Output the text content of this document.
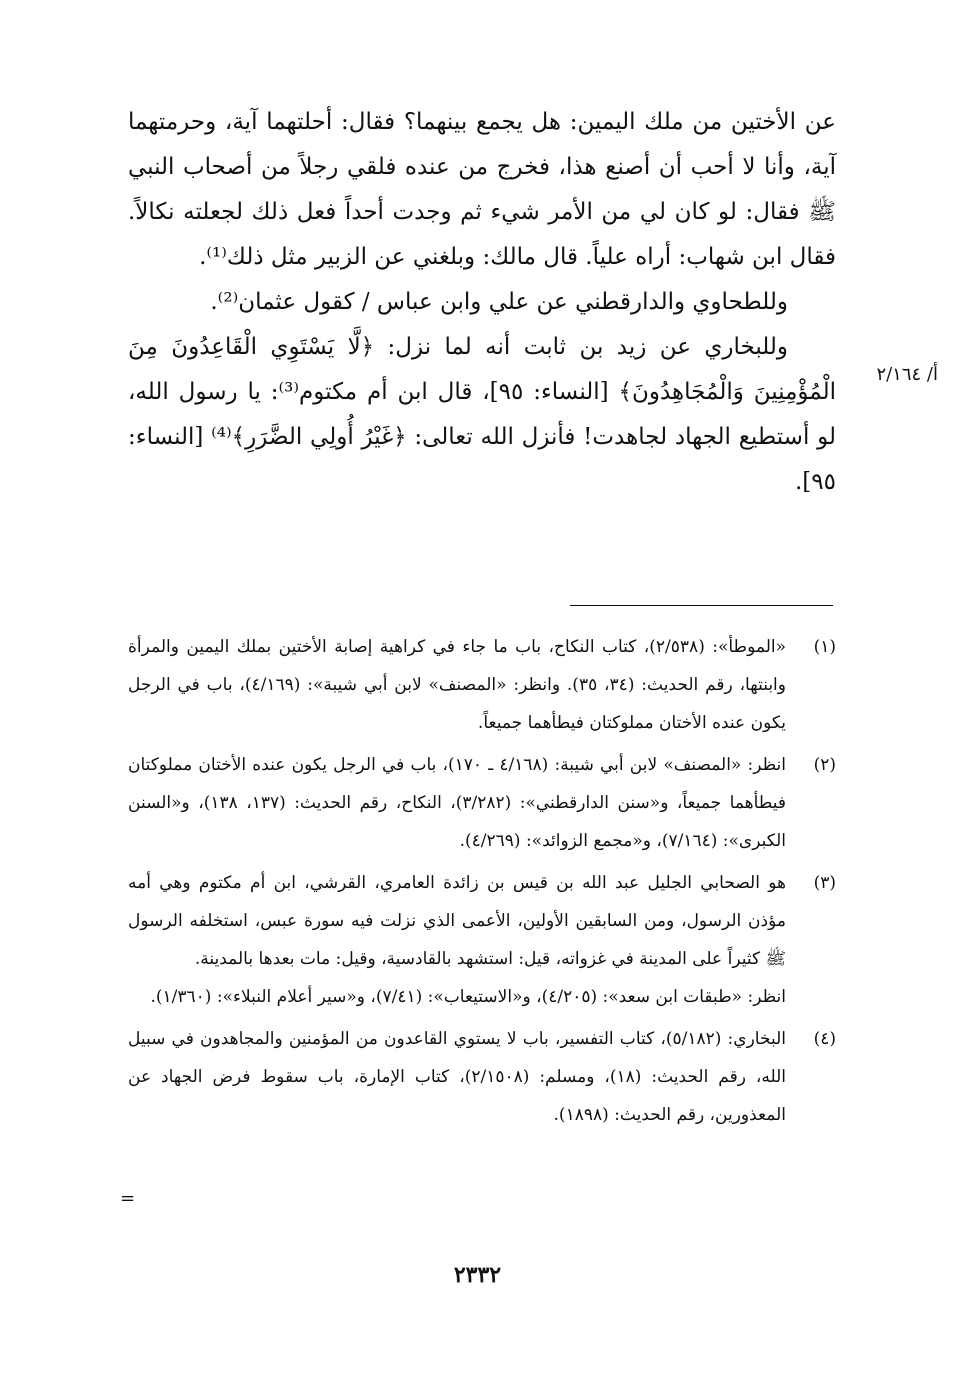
عن الأختين من ملك اليمين: هل يجمع بينهما؟ فقال: أحلتهما آية، وحرمتهما آية، وأنا لا أحب أن أصنع هذا، فخرج من عنده فلقي رجلاً من أصحاب النبي ﷺ فقال: لو كان لي من الأمر شيء ثم وجدت أحداً فعل ذلك لجعلته نكالاً. فقال ابن شهاب: أراه علياً. قال مالك: وبلغني عن الزبير مثل ذلك⁽¹⁾.

وللطحاوي والدارقطني عن علي وابن عباس / كقول عثمان⁽²⁾.

وللبخاري عن زيد بن ثابت أنه لما نزل: ﴿لَّا يَسْتَوِي الْقَاعِدُونَ مِنَ الْمُؤْمِنِينَ وَالْمُجَاهِدُونَ﴾ [النساء: ٩٥]، قال ابن أم مكتوم⁽³⁾: يا رسول الله، لو أستطيع الجهاد لجاهدت! فأنزل الله تعالى: ﴿غَيْرُ أُولِي الضَّرَرِ﴾⁽⁴⁾ [النساء: ٩٥].

أ/ ٢/١٦٤
(١)

«الموطأ»: (٢/٥٣٨)، كتاب النكاح، باب ما جاء في كراهية إصابة الأختين بملك اليمين والمرأة وابنتها، رقم الحديث: (٣٤، ٣٥). وانظر: «المصنف» لابن أبي شيبة»: (٤/١٦٩)، باب في الرجل يكون عنده الأختان مملوكتان فيطأهما جميعاً.

(٢)

انظر: «المصنف» لابن أبي شيبة: (٤/١٦٨ ـ ١٧٠)، باب في الرجل يكون عنده الأختان مملوكتان فيطأهما جميعاً، و«سنن الدارقطني»: (٣/٢٨٢)، النكاح، رقم الحديث: (١٣٧، ١٣٨)، و«السنن الكبرى»: (٧/١٦٤)، و«مجمع الزوائد»: (٤/٢٦٩).

(٣)

هو الصحابي الجليل عبد الله بن قيس بن زائدة العامري، القرشي، ابن أم مكتوم وهي أمه مؤذن الرسول، ومن السابقين الأولين، الأعمى الذي نزلت فيه سورة عبس، استخلفه الرسول ﷺ كثيراً على المدينة في غزواته، قيل: استشهد بالقادسية، وقيل: مات بعدها بالمدينة.

انظر: «طبقات ابن سعد»: (٤/٢٠٥)، و«الاستيعاب»: (٧/٤١)، و«سير أعلام النبلاء»: (١/٣٦٠).

(٤)

البخاري: (٥/١٨٢)، كتاب التفسير، باب لا يستوي القاعدون من المؤمنين والمجاهدون في سبيل الله، رقم الحديث: (١٨)، ومسلم: (٢/١٥٠٨)، كتاب الإمارة، باب سقوط فرض الجهاد عن المعذورين، رقم الحديث: (١٨٩٨).

=
٢٣٣٢
